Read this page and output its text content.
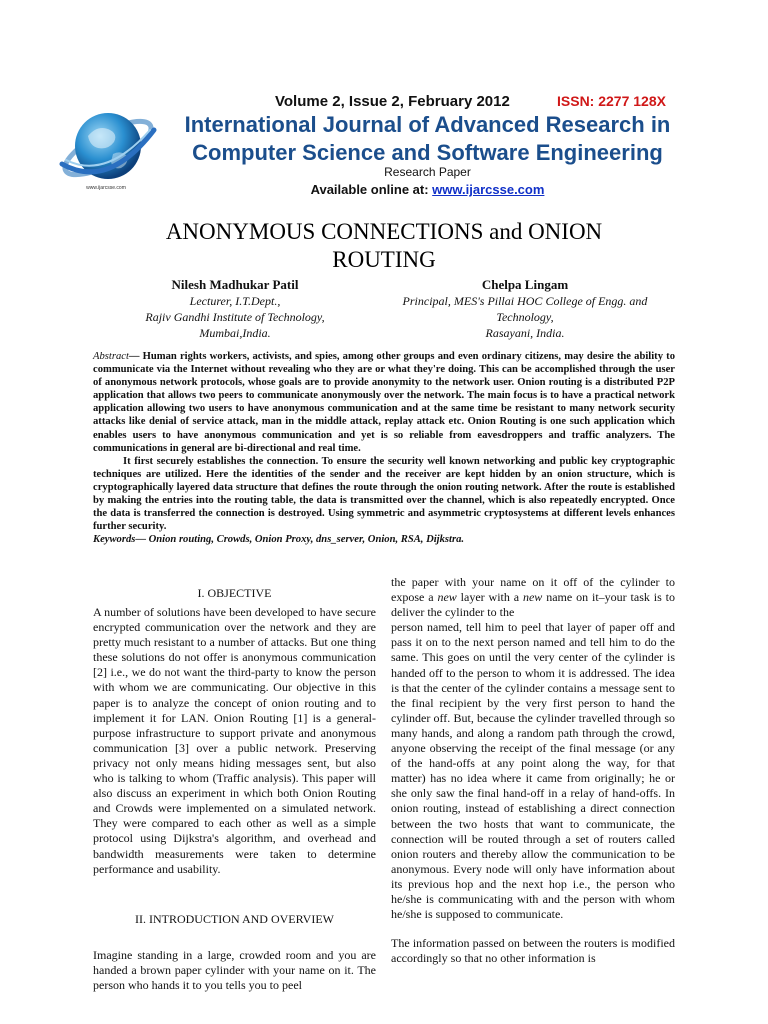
www.ijarcsse.com
Volume 2, Issue 2, February 2012	ISSN: 2277 128X
International Journal of Advanced Research in
Computer Science and Software Engineering
Research Paper
Available online at: www.ijarcsse.com
ANONYMOUS CONNECTIONS and ONION
ROUTING
Nilesh Madhukar Patil
Lecturer, I.T.Dept.,
Rajiv Gandhi Institute of Technology,
Mumbai,India.
Chelpa Lingam
Principal, MES's Pillai HOC College of Engg. and
Technology,
Rasayani, India.

Abstract— Human rights workers, activists, and spies, among other groups and even ordinary citizens, may desire the ability to communicate via the Internet without revealing who they are or what they're doing. This can be accomplished through the user of anonymous network protocols, whose goals are to provide anonymity to the network user. Onion routing is a distributed P2P application that allows two peers to communicate anonymously over the network. The main focus is to have a practical network application allowing two users to have anonymous communication and at the same time be resistant to many network security attacks like denial of service attack, man in the middle attack, replay attack etc. Onion Routing is one such application which enables users to have anonymous communication and yet is so reliable from eavesdroppers and traffic analyzers. The communications in general are bi-directional and real time.

It first securely establishes the connection. To ensure the security well known networking and public key cryptographic techniques are utilized. Here the identities of the sender and the receiver are kept hidden by an onion structure, which is cryptographically layered data structure that defines the route through the onion routing network. After the route is established by making the entries into the routing table, the data is transmitted over the channel, which is also repeatedly encrypted. Once the data is transferred the connection is destroyed. Using symmetric and asymmetric cryptosystems at different levels enhances further security.

Keywords— Onion routing, Crowds, Onion Proxy, dns_server, Onion, RSA, Dijkstra.

I. OBJECTIVE

A number of solutions have been developed to have secure encrypted communication over the network and they are pretty much resistant to a number of attacks. But one thing these solutions do not offer is anonymous communication [2] i.e., we do not want the third-party to know the person with whom we are communicating. Our objective in this paper is to analyze the concept of onion routing and to implement it for LAN. Onion Routing [1] is a general-purpose infrastructure to support private and anonymous communication [3] over a public network. Preserving privacy not only means hiding messages sent, but also who is talking to whom (Traffic analysis). This paper will also discuss an experiment in which both Onion Routing and Crowds were implemented on a simulated network. They were compared to each other as well as a simple protocol using Dijkstra's algorithm, and overhead and bandwidth measurements were taken to determine performance and usability.

II. INTRODUCTION AND OVERVIEW

Imagine standing in a large, crowded room and you are handed a brown paper cylinder with your name on it. The person who hands it to you tells you to peel

the paper with your name on it off of the cylinder to expose a new layer with a new name on it–your task is to deliver the cylinder to the

person named, tell him to peel that layer of paper off and pass it on to the next person named and tell him to do the same. This goes on until the very center of the cylinder is handed off to the person to whom it is addressed. The idea is that the center of the cylinder contains a message sent to the final recipient by the very first person to hand the cylinder off. But, because the cylinder travelled through so many hands, and along a random path through the crowd, anyone observing the receipt of the final message (or any of the hand-offs at any point along the way, for that matter) has no idea where it came from originally; he or she only saw the final hand-off in a relay of hand-offs. In onion routing, instead of establishing a direct connection between the two hosts that want to communicate, the connection will be routed through a set of routers called onion routers and thereby allow the communication to be anonymous. Every node will only have information about its previous hop and the next hop i.e., the person who he/she is communicating with and the person with whom he/she is supposed to communicate.

The information passed on between the routers is modified accordingly so that no other information is
